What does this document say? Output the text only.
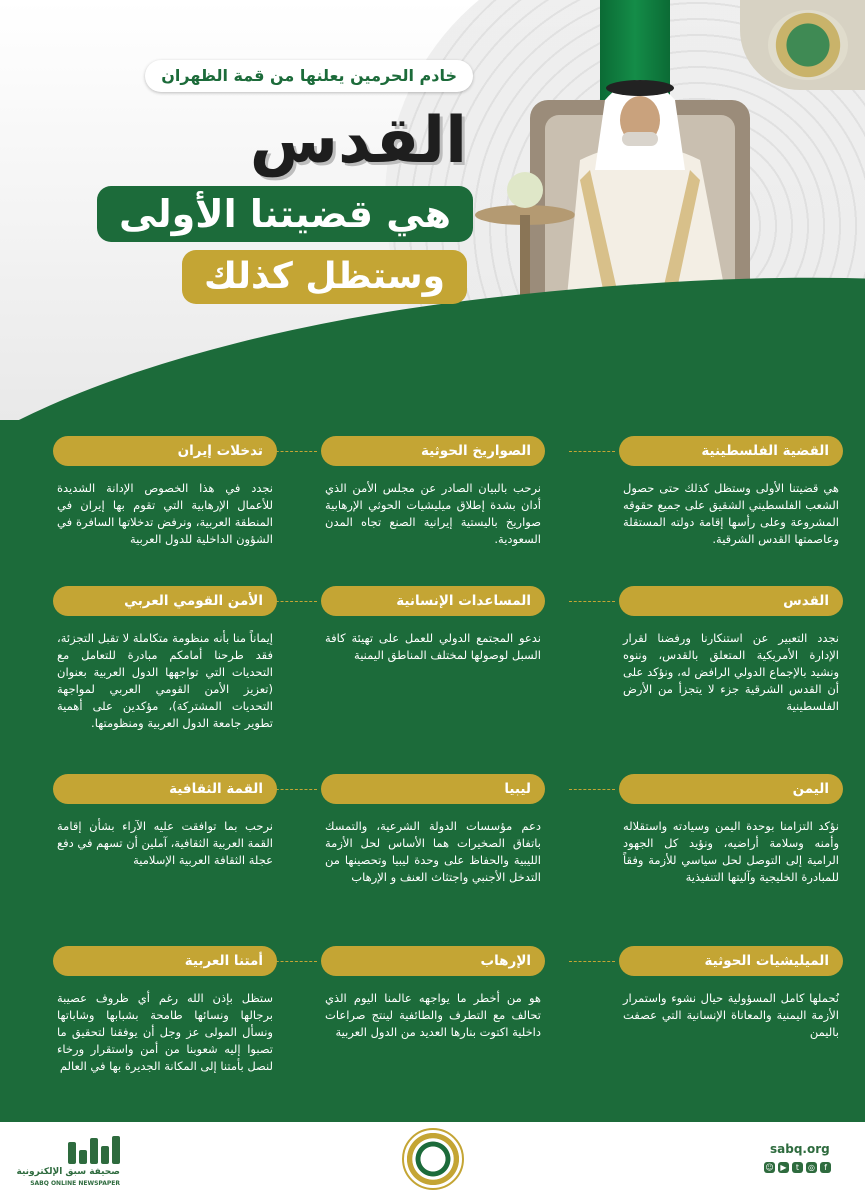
خادم الحرمين يعلنها من قمة الظهران
القدس
هي قضيتنا الأولى
وستظل كذلك
القضية الفلسطينية
هي قضيتنا الأولى وستظل كذلك حتى حصول الشعب الفلسطيني الشقيق على جميع حقوقه المشروعة وعلى رأسها إقامة دولته المستقلة وعاصمتها القدس الشرقية.
الصواريخ الحوثية
نرحب بالبيان الصادر عن مجلس الأمن الذي أدان بشدة إطلاق ميليشيات الحوثي الإرهابية صواريخ باليستية إيرانية الصنع تجاه المدن السعودية.
تدخلات إيران
نجدد في هذا الخصوص الإدانة الشديدة للأعمال الإرهابية التي تقوم بها إيران في المنطقة العربية، ونرفض تدخلاتها السافرة في الشؤون الداخلية للدول العربية
القدس
نجدد التعبير عن استنكارنا ورفضنا لقرار الإدارة الأمريكية المتعلق بالقدس، وننوه ونشيد بالإجماع الدولي الرافض له، ونؤكد على أن القدس الشرقية جزء لا يتجزأ من الأرض الفلسطينية
المساعدات الإنسانية
ندعو المجتمع الدولي للعمل على تهيئة كافة السبل لوصولها لمختلف المناطق اليمنية
الأمن القومي العربي
إيماناً منا بأنه منظومة متكاملة لا تقبل التجزئة، فقد طرحنا أمامكم مبادرة للتعامل مع التحديات التي تواجهها الدول العربية بعنوان (تعزيز الأمن القومي العربي لمواجهة التحديات المشتركة)، مؤكدين على أهمية تطوير جامعة الدول العربية ومنظومتها.
اليمن
نؤكد التزامنا بوحدة اليمن وسيادته واستقلاله وأمنه وسلامة أراضيه، ونؤيد كل الجهود الرامية إلى التوصل لحل سياسي للأزمة وفقاً للمبادرة الخليجية وآليتها التنفيذية
ليبيا
دعم مؤسسات الدولة الشرعية، والتمسك باتفاق الصخيرات هما الأساس لحل الأزمة الليبية والحفاظ على وحدة ليبيا وتحصينها من التدخل الأجنبي واجتثاث العنف و الإرهاب
القمة الثقافية
نرحب بما توافقت عليه الآراء بشأن إقامة القمة العربية الثقافية، آملين أن تسهم في دفع عجلة الثقافة العربية الإسلامية
الميليشيات الحوثية
نُحملها كامل المسؤولية حيال نشوء واستمرار الأزمة اليمنية والمعاناة الإنسانية التي عصفت باليمن
الإرهاب
هو من أخطر ما يواجهه عالمنا اليوم الذي تحالف مع التطرف والطائفية لينتج صراعات داخلية اكتوت بنارها العديد من الدول العربية
أمتنا العربية
ستظل بإذن الله رغم أي ظروف عصيبة برجالها ونسائها طامحة بشبابها وشاباتها ونسأل المولى عز وجل أن يوفقنا لتحقيق ما تصبوا إليه شعوبنا من أمن واستقرار ورخاء لنصل بأمتنا إلى المكانة الجديرة بها في العالم
صحيفة سبق الإلكترونية
SABQ ONLINE NEWSPAPER
sabq.org
☺ ▶	t	◎	f
